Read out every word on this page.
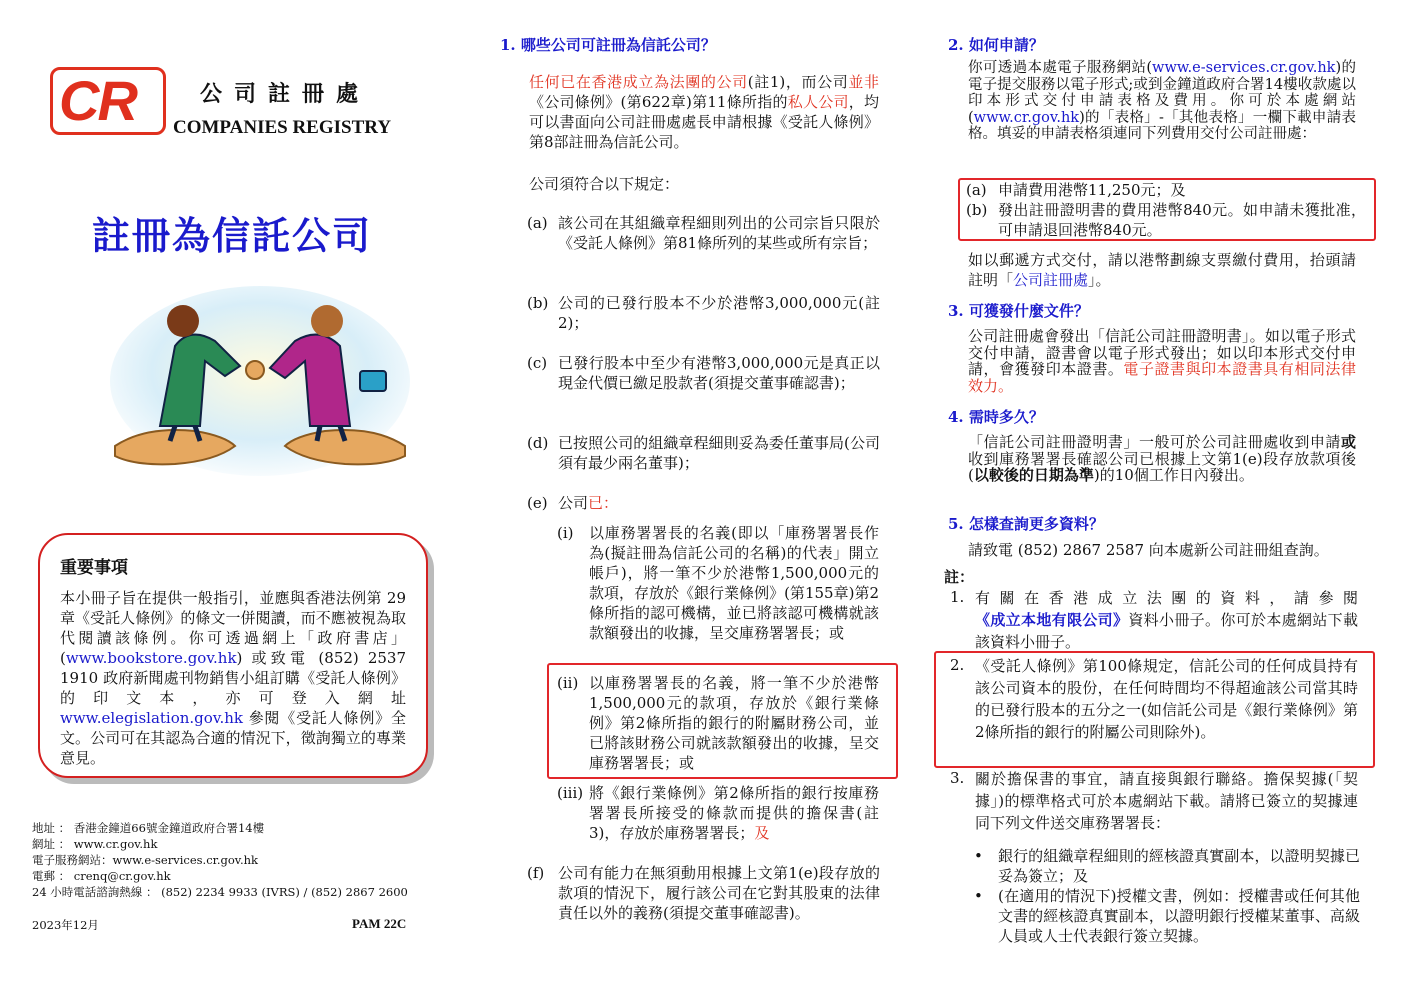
CR	公司註冊處
COMPANIES REGISTRY
註冊為信託公司
重要事項
本小冊子旨在提供一般指引，並應與香港法例第 29 章《受託人條例》的條文一併閱讀，而不應被視為取代閱讀該條例。你可透過網上「政府書店」(www.bookstore.gov.hk) 或致電 (852) 2537 1910 政府新聞處刊物銷售小組訂購《受託人條例》的印文本，亦可登入網址 www.elegislation.gov.hk 參閱《受託人條例》全文。公司可在其認為合適的情況下，徵詢獨立的專業意見。
地址 ： 香港金鐘道66號金鐘道政府合署14樓
網址 ： www.cr.gov.hk
電子服務網站：www.e-services.cr.gov.hk
電郵 ： crenq@cr.gov.hk
24 小時電話諮詢熱線 ： (852) 2234 9933 (IVRS) / (852) 2867 2600
2023年12月	PAM 22C
1. 哪些公司可註冊為信託公司？
任何已在香港成立為法團的公司(註1)，而公司並非《公司條例》(第622章)第11條所指的私人公司，均可以書面向公司註冊處處長申請根據《受託人條例》第8部註冊為信託公司。
公司須符合以下規定：
(a) 該公司在其組織章程細則列出的公司宗旨只限於《受託人條例》第81條所列的某些或所有宗旨；
(b) 公司的已發行股本不少於港幣3,000,000元(註2)；
(c) 已發行股本中至少有港幣3,000,000元是真正以現金代價已繳足股款者(須提交董事確認書)；
(d) 已按照公司的組織章程細則妥為委任董事局(公司須有最少兩名董事)；
(e) 公司已：
(i) 以庫務署署長的名義(即以「庫務署署長作為(擬註冊為信託公司的名稱)的代表」開立帳戶)，將一筆不少於港幣1,500,000元的款項，存放於《銀行業條例》(第155章)第2條所指的認可機構，並已將該認可機構就該款額發出的收據，呈交庫務署署長；或
(ii) 以庫務署署長的名義，將一筆不少於港幣1,500,000元的款項，存放於《銀行業條例》第2條所指的銀行的附屬財務公司，並已將該財務公司就該款額發出的收據，呈交庫務署署長；或
(iii) 將《銀行業條例》第2條所指的銀行按庫務署署長所接受的條款而提供的擔保書(註3)，存放於庫務署署長；及
(f) 公司有能力在無須動用根據上文第1(e)段存放的款項的情況下，履行該公司在它對其股東的法律責任以外的義務(須提交董事確認書)。
2. 如何申請？
你可透過本處電子服務網站(www.e-services.cr.gov.hk)的電子提交服務以電子形式;或到金鐘道政府合署14樓收款處以印本形式交付申請表格及費用。你可於本處網站(www.cr.gov.hk)的「表格」-「其他表格」一欄下載申請表格。填妥的申請表格須連同下列費用交付公司註冊處：
(a) 申請費用港幣11,250元；及
(b) 發出註冊證明書的費用港幣840元。如申請未獲批准，可申請退回港幣840元。
如以郵遞方式交付，請以港幣劃線支票繳付費用，抬頭請註明「公司註冊處」。
3. 可獲發什麼文件？
公司註冊處會發出「信託公司註冊證明書」。如以電子形式交付申請，證書會以電子形式發出；如以印本形式交付申請，會獲發印本證書。電子證書與印本證書具有相同法律效力。
4. 需時多久？
「信託公司註冊證明書」一般可於公司註冊處收到申請或收到庫務署署長確認公司已根據上文第1(e)段存放款項後(以較後的日期為準)的10個工作日內發出。
5. 怎樣查詢更多資料？
請致電 (852) 2867 2587 向本處新公司註冊組查詢。
註：
1. 有關在香港成立法團的資料，請參閱《成立本地有限公司》資料小冊子。你可於本處網站下載該資料小冊子。
2. 《受託人條例》第100條規定，信託公司的任何成員持有該公司資本的股份，在任何時間均不得超逾該公司當其時的已發行股本的五分之一(如信託公司是《銀行業條例》第2條所指的銀行的附屬公司則除外)。
3. 關於擔保書的事宜，請直接與銀行聯絡。擔保契據(「契據」)的標準格式可於本處網站下載。請將已簽立的契據連同下列文件送交庫務署署長：
• 銀行的組織章程細則的經核證真實副本，以證明契據已妥為簽立；及
• (在適用的情況下)授權文書，例如：授權書或任何其他文書的經核證真實副本，以證明銀行授權某董事、高級人員或人士代表銀行簽立契據。
